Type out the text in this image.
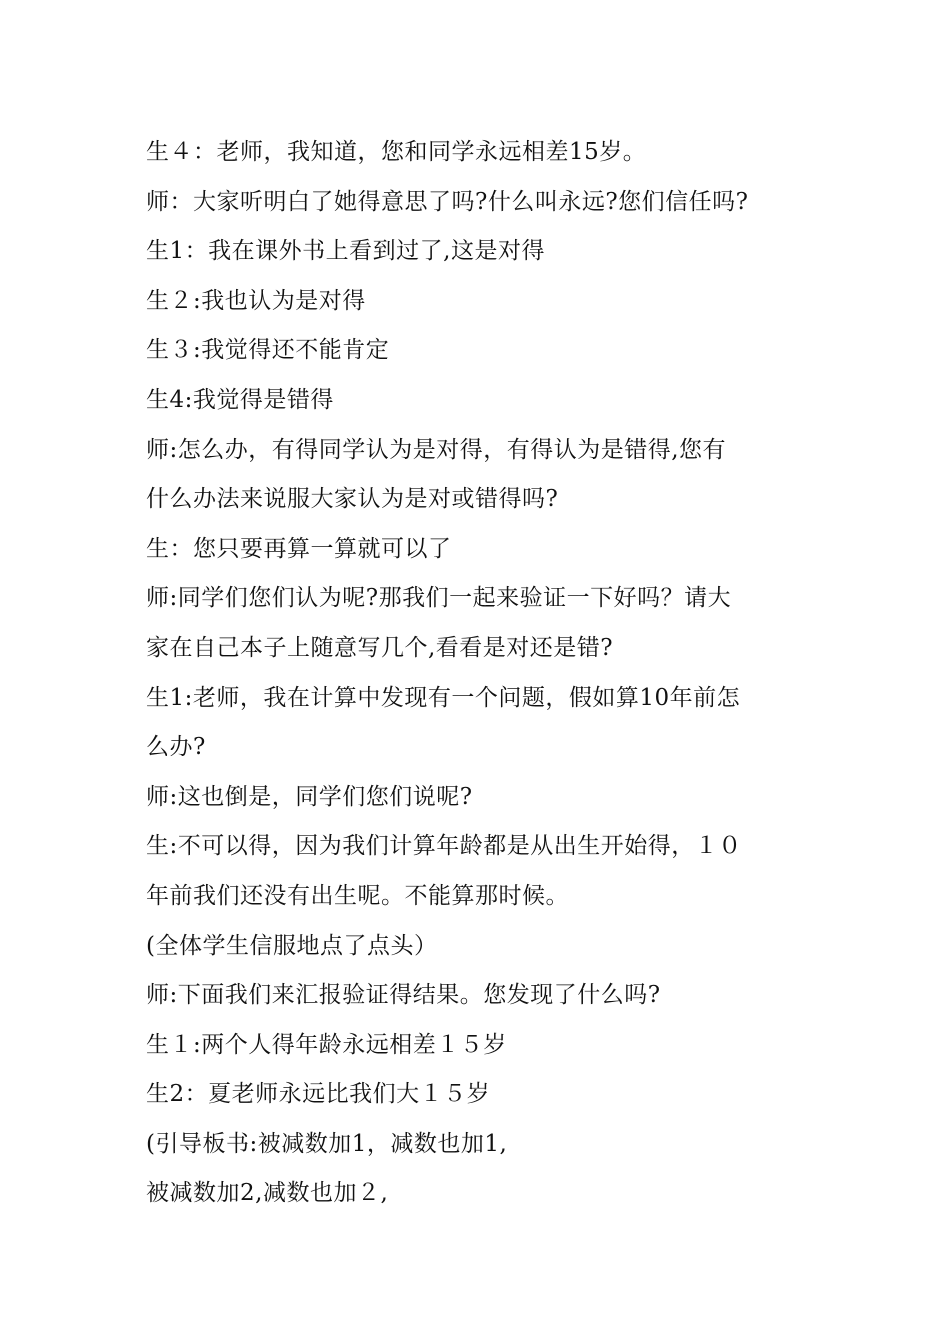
生４：老师，我知道，您和同学永远相差15岁。
师：大家听明白了她得意思了吗?什么叫永远?您们信任吗?
生1：我在课外书上看到过了,这是对得
生２:我也认为是对得
生３:我觉得还不能肯定
生4:我觉得是错得
师:怎么办，有得同学认为是对得，有得认为是错得,您有
什么办法来说服大家认为是对或错得吗?
生：您只要再算一算就可以了
师:同学们您们认为呢?那我们一起来验证一下好吗？请大
家在自己本子上随意写几个,看看是对还是错?
生1:老师，我在计算中发现有一个问题，假如算10年前怎
么办?
师:这也倒是，同学们您们说呢?
生:不可以得，因为我们计算年龄都是从出生开始得，１０
年前我们还没有出生呢。不能算那时候。
(全体学生信服地点了点头）
师:下面我们来汇报验证得结果。您发现了什么吗?
生１:两个人得年龄永远相差１５岁
生2：夏老师永远比我们大１５岁
(引导板书:被减数加1，减数也加1,
被减数加2,减数也加２,
